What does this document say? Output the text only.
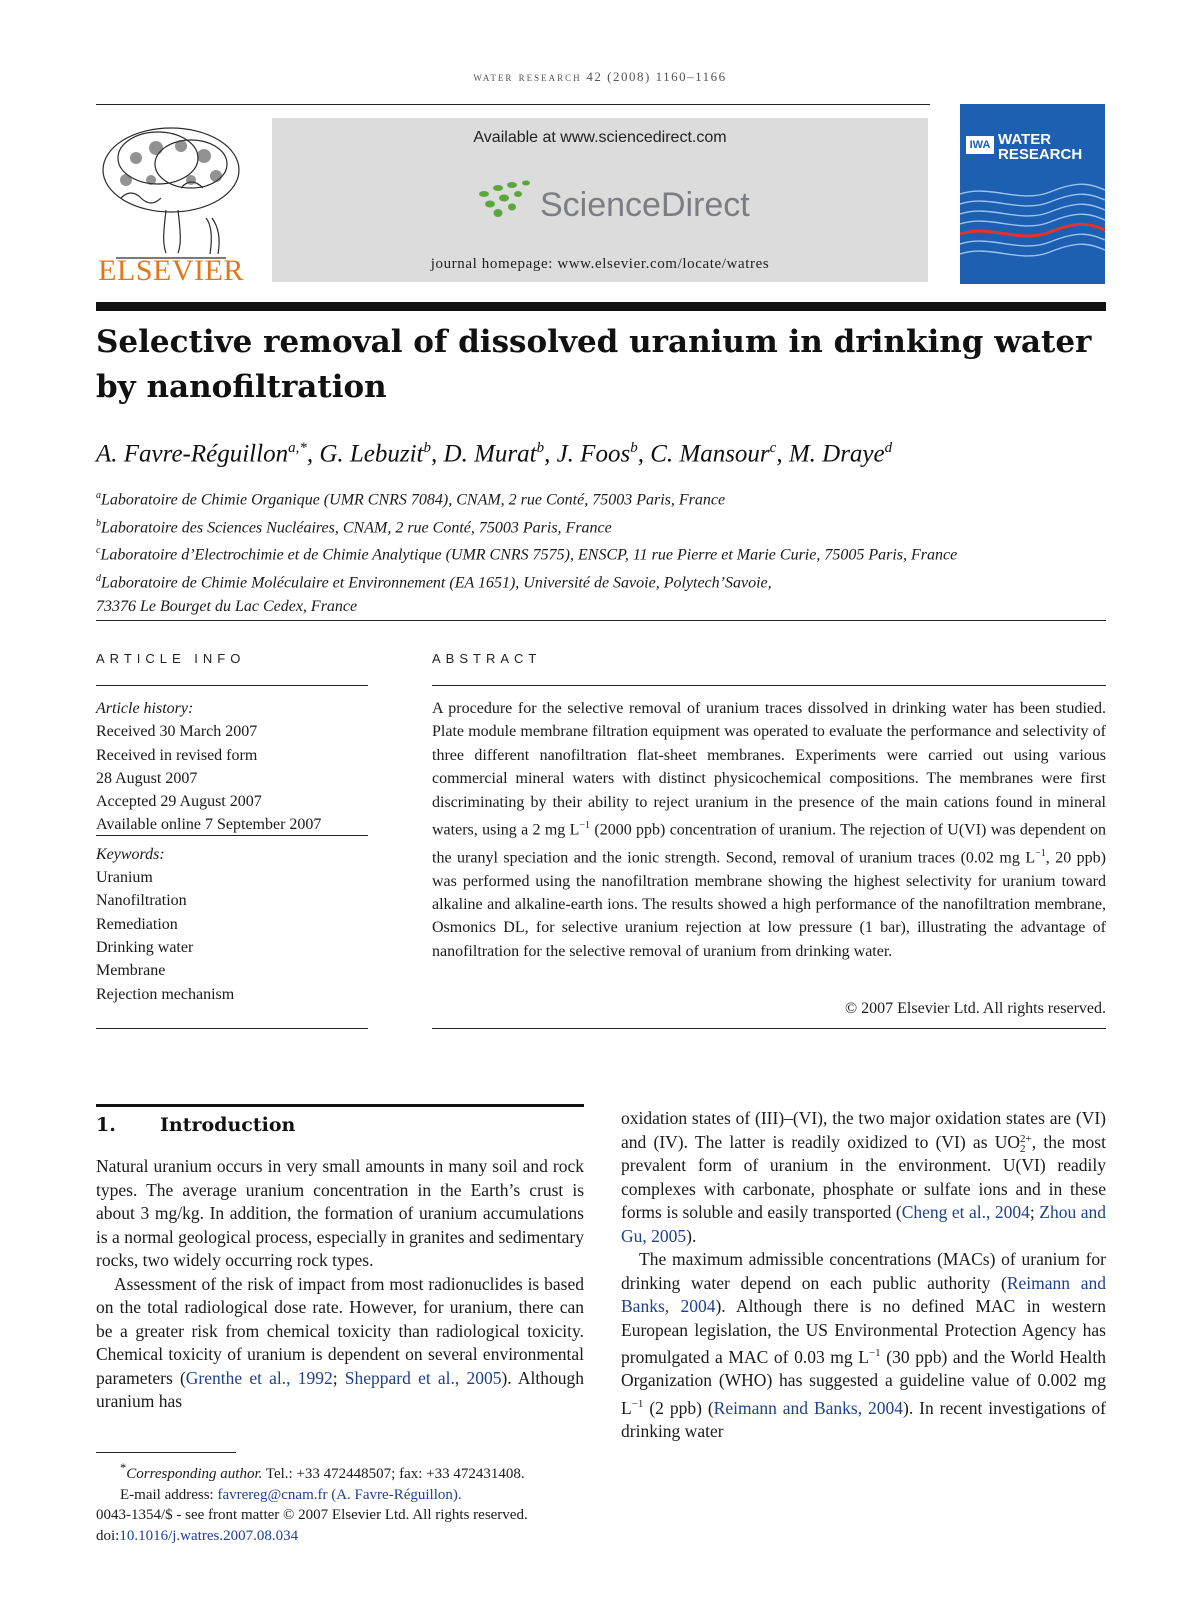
water research 42 (2008) 1160–1166
ELSEVIER
Available at www.sciencedirect.com
ScienceDirect
journal homepage: www.elsevier.com/locate/watres
IWA WATER
RESEARCH
Selective removal of dissolved uranium in drinking water
by nanofiltration
A. Favre-Réguillon$^{a,*}$, G. Lebuzit$^b$, D. Murat$^b$, J. Foos$^b$, C. Mansour$^c$, M. Draye$^d$
$^a$Laboratoire de Chimie Organique (UMR CNRS 7084), CNAM, 2 rue Conté, 75003 Paris, France
$^b$Laboratoire des Sciences Nucléaires, CNAM, 2 rue Conté, 75003 Paris, France
$^c$Laboratoire d’Electrochimie et de Chimie Analytique (UMR CNRS 7575), ENSCP, 11 rue Pierre et Marie Curie, 75005 Paris, France
$^d$Laboratoire de Chimie Moléculaire et Environnement (EA 1651), Université de Savoie, Polytech’Savoie,
73376 Le Bourget du Lac Cedex, France
ARTICLE INFO
Article history:
Received 30 March 2007
Received in revised form
28 August 2007
Accepted 29 August 2007
Available online 7 September 2007
Keywords:
Uranium
Nanofiltration
Remediation
Drinking water
Membrane
Rejection mechanism
ABSTRACT
A procedure for the selective removal of uranium traces dissolved in drinking water has been studied. Plate module membrane filtration equipment was operated to evaluate the performance and selectivity of three different nanofiltration flat-sheet membranes. Experiments were carried out using various commercial mineral waters with distinct physicochemical compositions. The membranes were first discriminating by their ability to reject uranium in the presence of the main cations found in mineral waters, using a 2 mg $L^{-1}$ (2000 ppb) concentration of uranium. The rejection of U(VI) was dependent on the uranyl speciation and the ionic strength. Second, removal of uranium traces (0.02 mg $L^{-1}$, 20 ppb) was performed using the nanofiltration membrane showing the highest selectivity for uranium toward alkaline and alkaline-earth ions. The results showed a high performance of the nanofiltration membrane, Osmonics DL, for selective uranium rejection at low pressure (1 bar), illustrating the advantage of nanofiltration for the selective removal of uranium from drinking water.
© 2007 Elsevier Ltd. All rights reserved.
1. Introduction

Natural uranium occurs in very small amounts in many soil and rock types. The average uranium concentration in the Earth’s crust is about 3 mg/kg. In addition, the formation of uranium accumulations is a normal geological process, especially in granites and sedimentary rocks, two widely occurring rock types.

Assessment of the risk of impact from most radionuclides is based on the total radiological dose rate. However, for uranium, there can be a greater risk from chemical toxicity than radiological toxicity. Chemical toxicity of uranium is dependent on several environmental parameters (Grenthe et al., 1992; Sheppard et al., 2005). Although uranium has

oxidation states of (III)–(VI), the two major oxidation states are (VI) and (IV). The latter is readily oxidized to (VI) as UO 2+
2 , the most prevalent form of uranium in the environment. U(VI) readily complexes with carbonate, phosphate or sulfate ions and in these forms is soluble and easily transported (Cheng et al., 2004; Zhou and Gu, 2005).

The maximum admissible concentrations (MACs) of uranium for drinking water depend on each public authority (Reimann and Banks, 2004). Although there is no defined MAC in western European legislation, the US Environmental Protection Agency has promulgated a MAC of 0.03 mg $L^{-1}$ (30 ppb) and the World Health Organization (WHO) has suggested a guideline value of 0.002 mg $L^{-1}$ (2 ppb) (Reimann and Banks, 2004). In recent investigations of drinking water

*Corresponding author. Tel.: +33 472448507; fax: +33 472431408.
E-mail address: favrereg@cnam.fr (A. Favre-Réguillon).
0043-1354/$ - see front matter © 2007 Elsevier Ltd. All rights reserved.
doi:10.1016/j.watres.2007.08.034
